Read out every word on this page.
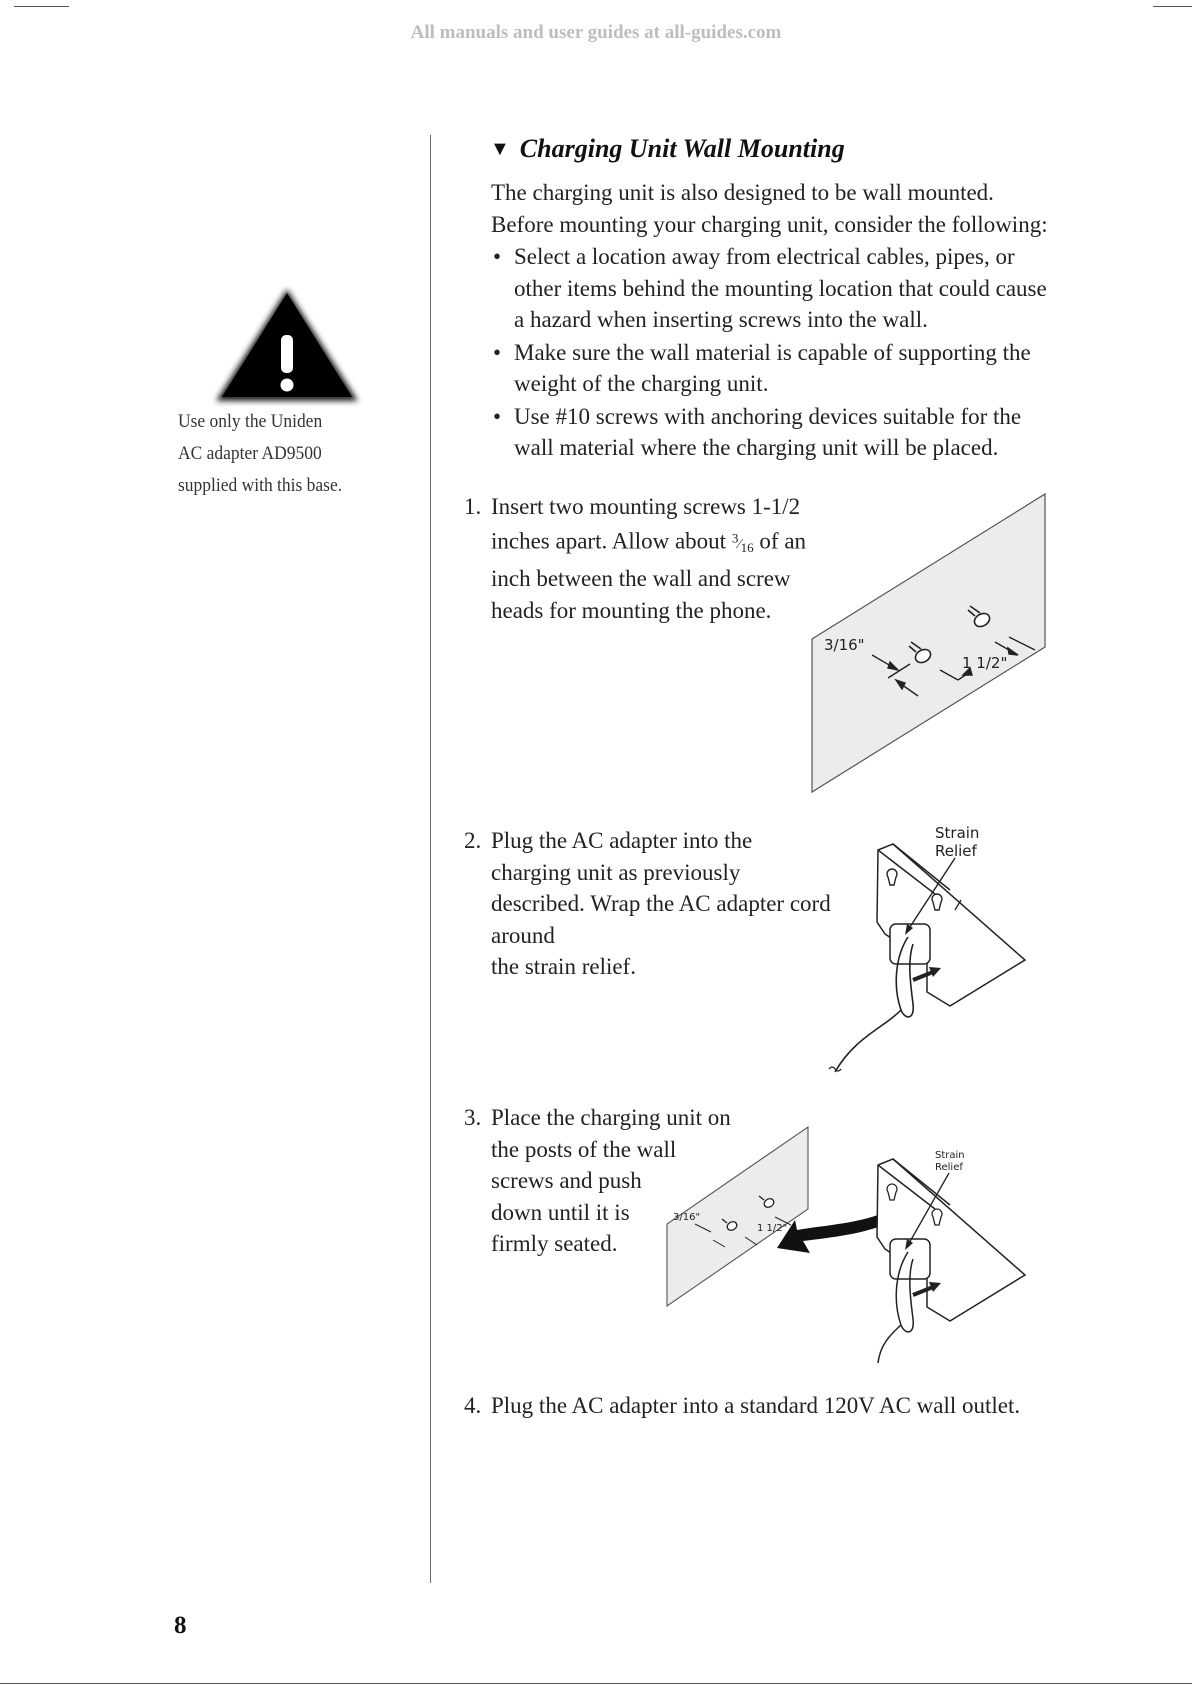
All manuals and user guides at all-guides.com
Use only the Uniden
AC adapter AD9500
supplied with this base.
▼ Charging Unit Wall Mounting
The charging unit is also designed to be wall mounted.
Before mounting your charging unit, consider the following:
• Select a location away from electrical cables, pipes, or other items behind the mounting location that could cause a hazard when inserting screws into the wall.
• Make sure the wall material is capable of supporting the weight of the charging unit.
• Use #10 screws with anchoring devices suitable for the wall material where the charging unit will be placed.
1. Insert two mounting screws 1-1/2
inches apart. Allow about $^3⁄_{16}$ of an
inch between the wall and screw
heads for mounting the phone.
3/16"
1 1/2"
2. Plug the AC adapter into the
charging unit as previously
described. Wrap the AC adapter cord
around
the strain relief.
Strain
Relief
3. Place the charging unit on
the posts of the wall
screws and push
down until it is
firmly seated.
3/16"
1 1/2"
Strain
Relief
4. Plug the AC adapter into a standard 120V AC wall outlet.
8
